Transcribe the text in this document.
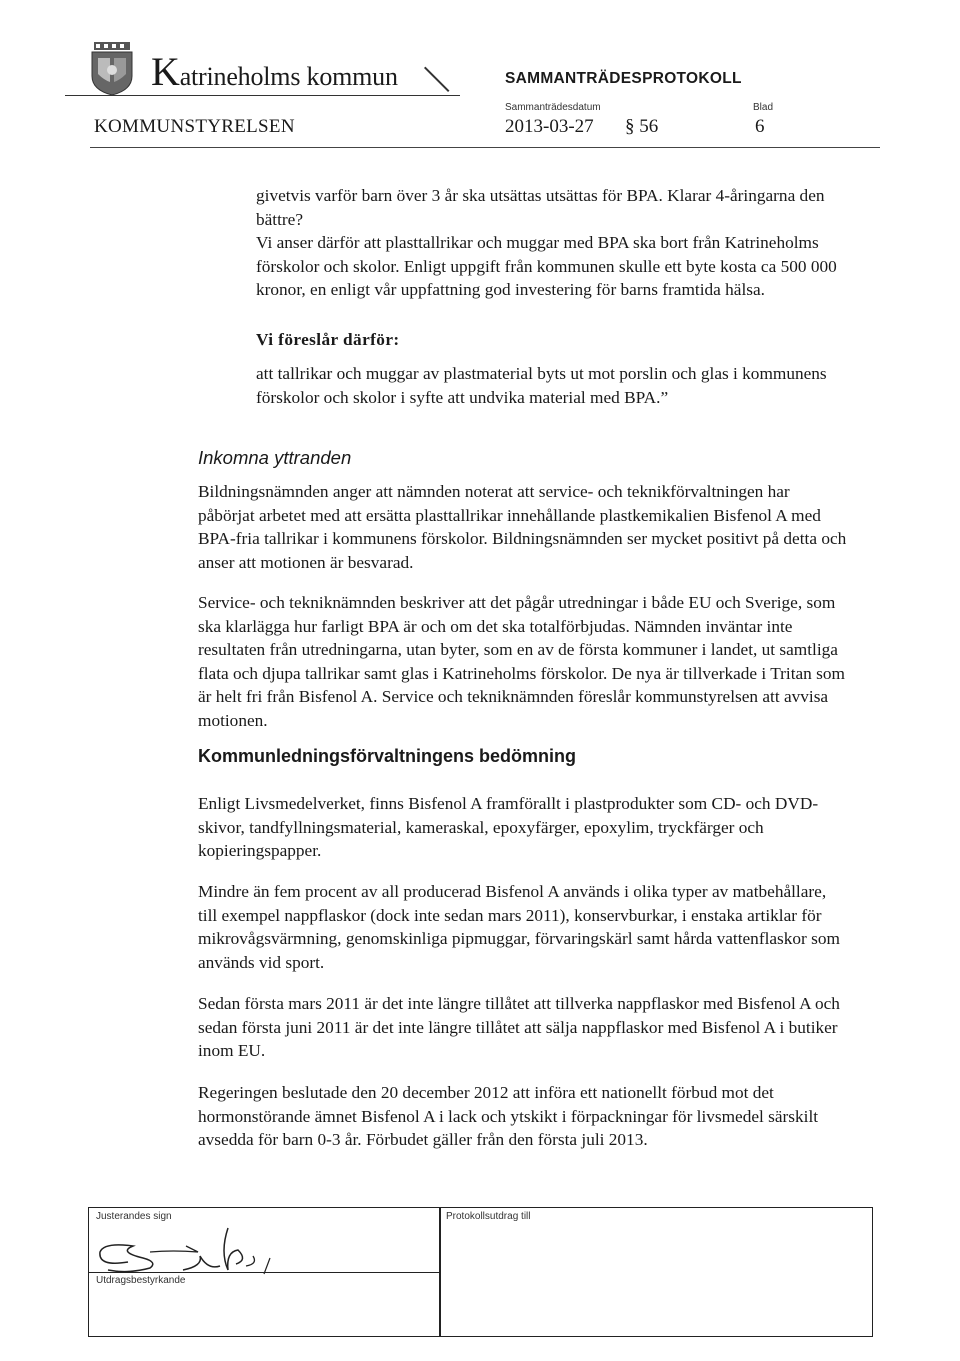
Katrineholms kommun	SAMMANTRÄDESPROTOKOLL
KOMMUNSTYRELSEN
Sammanträdesdatum
2013-03-27 § 56
Blad
6

givetvis varför barn över 3 år ska utsättas utsättas för BPA. Klarar 4-åringarna den bättre?

Vi anser därför att plasttallrikar och muggar med BPA ska bort från Katrineholms förskolor och skolor. Enligt uppgift från kommunen skulle ett byte kosta ca 500 000 kronor, en enligt vår uppfattning god investering för barns framtida hälsa.

Vi föreslår därför:
att tallrikar och muggar av plastmaterial byts ut mot porslin och glas i kommunens förskolor och skolor i syfte att undvika material med BPA.”
Inkomna yttranden
Bildningsnämnden anger att nämnden noterat att service- och teknikförvaltningen har påbörjat arbetet med att ersätta plasttallrikar innehållande plastkemikalien Bisfenol A med BPA-fria tallrikar i kommunens förskolor. Bildningsnämnden ser mycket positivt på detta och anser att motionen är besvarad.
Service- och tekniknämnden beskriver att det pågår utredningar i både EU och Sverige, som ska klarlägga hur farligt BPA är och om det ska totalförbjudas. Nämnden inväntar inte resultaten från utredningarna, utan byter, som en av de första kommuner i landet, ut samtliga flata och djupa tallrikar samt glas i Katrineholms förskolor. De nya är tillverkade i Tritan som är helt fri från Bisfenol A. Service och tekniknämnden föreslår kommunstyrelsen att avvisa motionen.
Kommunledningsförvaltningens bedömning
Enligt Livsmedelverket, finns Bisfenol A framförallt i plastprodukter som CD- och DVD-skivor, tandfyllningsmaterial, kameraskal, epoxyfärger, epoxylim, tryckfärger och kopieringspapper.
Mindre än fem procent av all producerad Bisfenol A används i olika typer av matbehållare, till exempel nappflaskor (dock inte sedan mars 2011), konservburkar, i enstaka artiklar för mikrovågsvärmning, genomskinliga pipmuggar, förvaringskärl samt hårda vattenflaskor som används vid sport.
Sedan första mars 2011 är det inte längre tillåtet att tillverka nappflaskor med Bisfenol A och sedan första juni 2011 är det inte längre tillåtet att sälja nappflaskor med Bisfenol A i butiker inom EU.
Regeringen beslutade den 20 december 2012 att införa ett nationellt förbud mot det hormonstörande ämnet Bisfenol A i lack och ytskikt i förpackningar för livsmedel särskilt avsedda för barn 0-3 år. Förbudet gäller från den första juli 2013.
Justerandes sign
Utdragsbestyrkande
Protokollsutdrag till
